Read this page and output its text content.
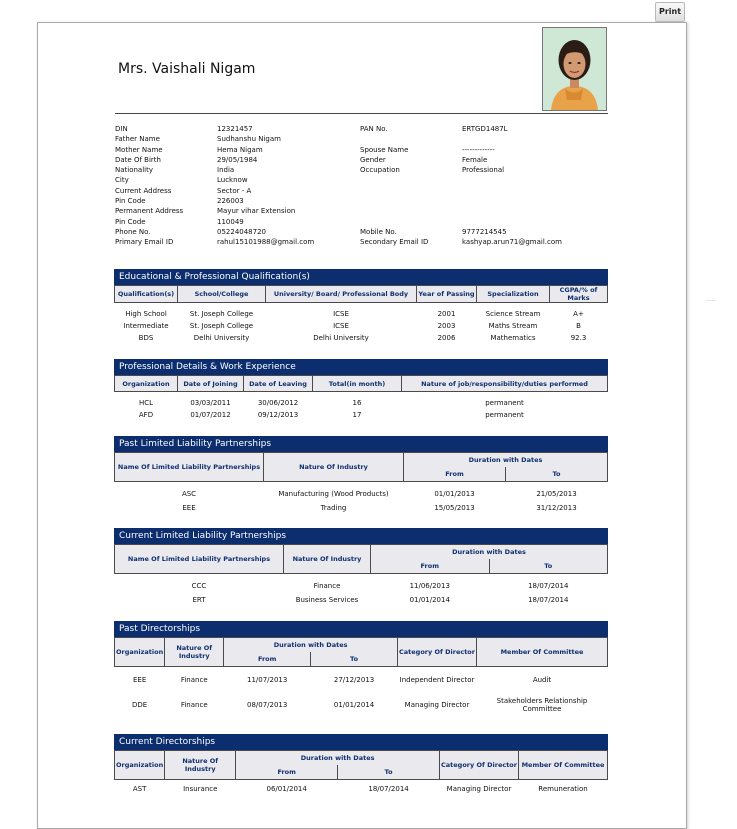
Print
Mrs. Vaishali Nigam
DIN	12321457
Father Name	Sudhanshu Nigam
Mother Name	Hema Nigam
Date Of Birth	29/05/1984
Nationality	India
City	Lucknow
Current Address	Sector - A
Pin Code	226003
Permanent Address	Mayur vihar Extension
Pin Code	110049
Phone No.	05224048720
Primary Email ID	rahul15101988@gmail.com
PAN No.	ERTGD1487L
Spouse Name	-------------
Gender	Female
Occupation	Professional
Mobile No.	9777214545
Secondary Email ID	kashyap.arun71@gmail.com
Educational & Professional Qualification(s)
Qualification(s)	School/College	University/ Board/ Professional Body	Year of Passing	Specialization	CGPA/% of Marks

High School	St. Joseph College	ICSE	2001	Science Stream	A+
Intermediate	St. Joseph College	ICSE	2003	Maths Stream	B
BDS	Delhi University	Delhi University	2006	Mathematics	92.3
Professional Details & Work Experience
Organization	Date of Joining	Date of Leaving	Total(in month)	Nature of job/responsibility/duties performed

HCL	03/03/2011	30/06/2012	16	permanent
AFD	01/07/2012	09/12/2013	17	permanent
Past Limited Liability Partnerships
Name Of Limited Liability Partnerships	Nature Of Industry	Duration with Dates	
		From	To

ASC	Manufacturing (Wood Products)	01/01/2013	21/05/2013
EEE	Trading	15/05/2013	31/12/2013
Current Limited Liability Partnerships
Name Of Limited Liability Partnerships	Nature Of Industry	Duration with Dates	
		From	To

CCC	Finance	11/06/2013	18/07/2014
ERT	Business Services	01/01/2014	18/07/2014
Past Directorships
Organization	Nature Of Industry	Duration with Dates		Category Of Director	Member Of Committee
		From	To		
EEE	Finance	11/07/2013	27/12/2013	Independent Director	Audit
DDE	Finance	08/07/2013	01/01/2014	Managing Director	Stakeholders Relationship Committee
Current Directorships
Organization	Nature Of Industry	Duration with Dates		Category Of Director	Member Of Committee
		From	To		
AST	Insurance	06/01/2014	18/07/2014	Managing Director	Remuneration
